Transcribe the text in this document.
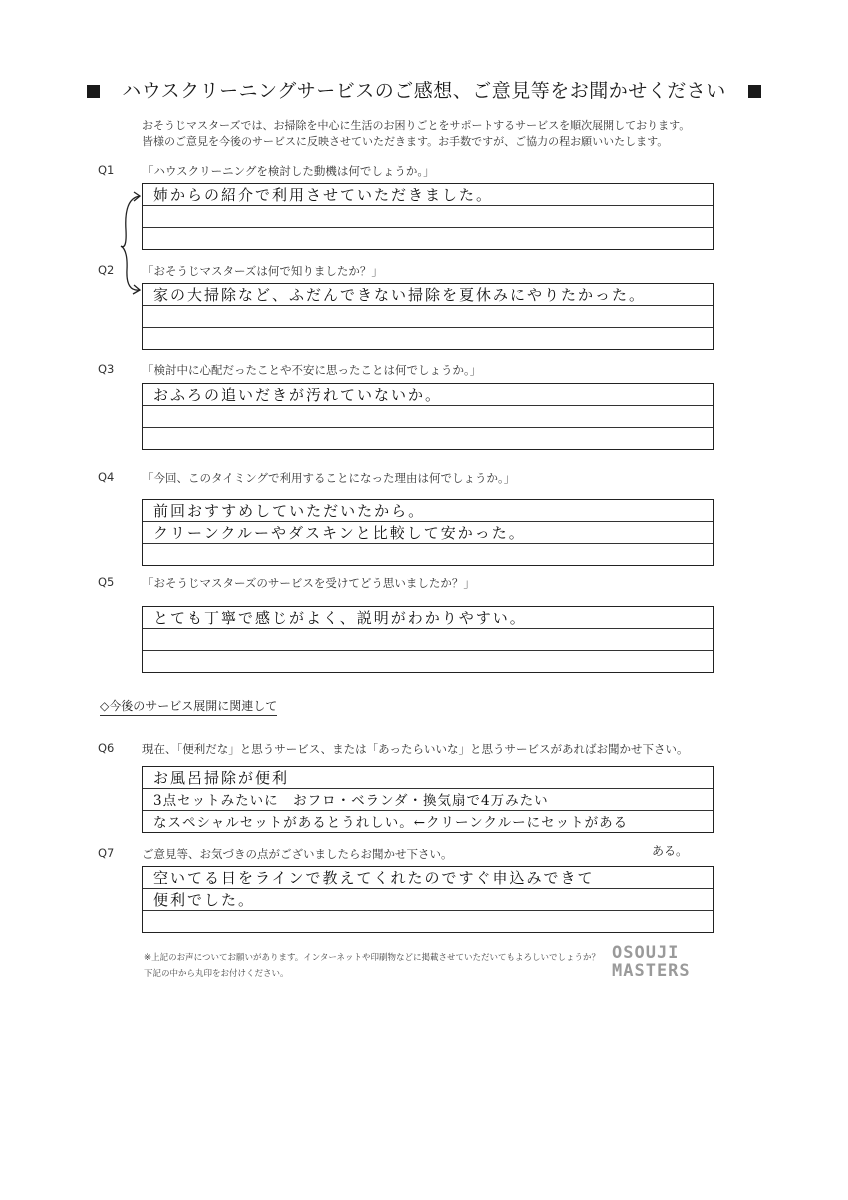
ハウスクリーニングサービスのご感想、ご意見等をお聞かせください
おそうじマスターズでは、お掃除を中心に生活のお困りごとをサポートするサービスを順次展開しております。
皆様のご意見を今後のサービスに反映させていただきます。お手数ですが、ご協力の程お願いいたします。
Q1 「ハウスクリーニングを検討した動機は何でしょうか。」
姉からの紹介で利用させていただきました。
Q2 「おそうじマスターズは何で知りましたか？」
家の大掃除など、ふだんできない掃除を夏休みにやりたかった。
Q3 「検討中に心配だったことや不安に思ったことは何でしょうか。」
おふろの追いだきが汚れていないか。
Q4 「今回、このタイミングで利用することになった理由は何でしょうか。」
前回おすすめしていただいたから。
クリーンクルーやダスキンと比較して安かった。
Q5 「おそうじマスターズのサービスを受けてどう思いましたか？」
とても丁寧で感じがよく、説明がわかりやすい。
◇今後のサービス展開に関連して
Q6 現在、「便利だな」と思うサービス、または「あったらいいな」と思うサービスがあればお聞かせ下さい。
お風呂掃除が便利
3点セットみたいに　おフロ・ベランダ・換気扇で4万みたい
なスペシャルセットがあるとうれしい。←クリーンクルーにセットがある
ある。
Q7 ご意見等、お気づきの点がございましたらお聞かせ下さい。
空いてる日をラインで教えてくれたのですぐ申込みできて
便利でした。
※上記のお声についてお願いがあります。インターネットや印刷物などに掲載させていただいてもよろしいでしょうか？
下記の中から丸印をお付けください。
OSOUJI
MASTERS
